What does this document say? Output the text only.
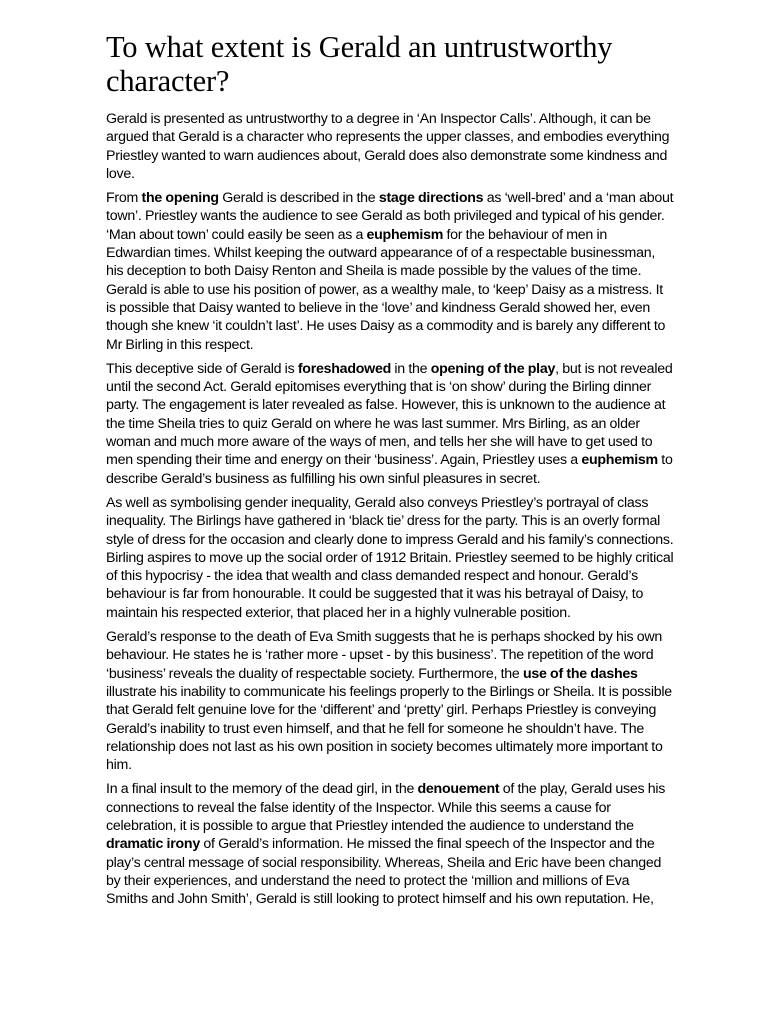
To what extent is Gerald an untrustworthy character?

Gerald is presented as untrustworthy to a degree in ‘An Inspector Calls’. Although, it can be argued that Gerald is a character who represents the upper classes, and embodies everything Priestley wanted to warn audiences about, Gerald does also demonstrate some kindness and love.

From the opening Gerald is described in the stage directions as ‘well-bred’ and a ‘man about town’. Priestley wants the audience to see Gerald as both privileged and typical of his gender. ‘Man about town’ could easily be seen as a euphemism for the behaviour of men in Edwardian times. Whilst keeping the outward appearance of of a respectable businessman, his deception to both Daisy Renton and Sheila is made possible by the values of the time. Gerald is able to use his position of power, as a wealthy male, to ‘keep’ Daisy as a mistress. It is possible that Daisy wanted to believe in the ‘love’ and kindness Gerald showed her, even though she knew ‘it couldn’t last’. He uses Daisy as a commodity and is barely any different to Mr Birling in this respect.

This deceptive side of Gerald is foreshadowed in the opening of the play, but is not revealed until the second Act. Gerald epitomises everything that is ‘on show’ during the Birling dinner party. The engagement is later revealed as false. However, this is unknown to the audience at the time Sheila tries to quiz Gerald on where he was last summer. Mrs Birling, as an older woman and much more aware of the ways of men, and tells her she will have to get used to men spending their time and energy on their ‘business’. Again, Priestley uses a euphemism to describe Gerald’s business as fulfilling his own sinful pleasures in secret.

As well as symbolising gender inequality, Gerald also conveys Priestley’s portrayal of class inequality. The Birlings have gathered in ‘black tie’ dress for the party. This is an overly formal style of dress for the occasion and clearly done to impress Gerald and his family’s connections. Birling aspires to move up the social order of 1912 Britain. Priestley seemed to be highly critical of this hypocrisy - the idea that wealth and class demanded respect and honour. Gerald’s behaviour is far from honourable. It could be suggested that it was his betrayal of Daisy, to maintain his respected exterior, that placed her in a highly vulnerable position.

Gerald’s response to the death of Eva Smith suggests that he is perhaps shocked by his own behaviour. He states he is ‘rather more - upset - by this business’. The repetition of the word ‘business’ reveals the duality of respectable society. Furthermore, the use of the dashes illustrate his inability to communicate his feelings properly to the Birlings or Sheila. It is possible that Gerald felt genuine love for the ‘different’ and ‘pretty’ girl. Perhaps Priestley is conveying Gerald’s inability to trust even himself, and that he fell for someone he shouldn’t have. The relationship does not last as his own position in society becomes ultimately more important to him.

In a final insult to the memory of the dead girl, in the denouement of the play, Gerald uses his connections to reveal the false identity of the Inspector. While this seems a cause for celebration, it is possible to argue that Priestley intended the audience to understand the dramatic irony of Gerald’s information. He missed the final speech of the Inspector and the play’s central message of social responsibility. Whereas, Sheila and Eric have been changed by their experiences, and understand the need to protect the ‘million and millions of Eva Smiths and John Smith’, Gerald is still looking to protect himself and his own reputation. He,
